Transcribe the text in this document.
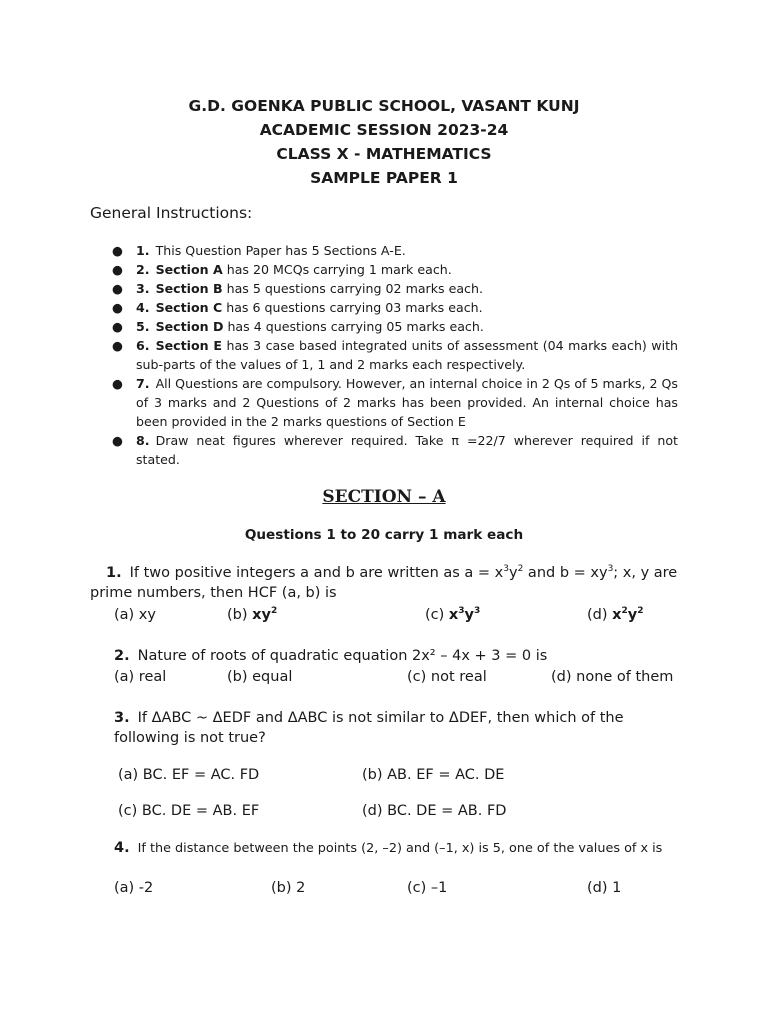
G.D. GOENKA PUBLIC SCHOOL, VASANT KUNJ
ACADEMIC SESSION 2023-24
CLASS X - MATHEMATICS
SAMPLE PAPER 1
General Instructions:
● 1. This Question Paper has 5 Sections A-E.
● 2. Section A has 20 MCQs carrying 1 mark each.
● 3. Section B has 5 questions carrying 02 marks each.
● 4. Section C has 6 questions carrying 03 marks each.
● 5. Section D has 4 questions carrying 05 marks each.
● 6. Section E has 3 case based integrated units of assessment (04 marks each) with sub-parts of the values of 1, 1 and 2 marks each respectively.
● 7. All Questions are compulsory. However, an internal choice in 2 Qs of 5 marks, 2 Qs of 3 marks and 2 Questions of 2 marks has been provided. An internal choice has been provided in the 2 marks questions of Section E
● 8. Draw neat figures wherever required. Take π =22/7 wherever required if not stated.
SECTION – A
Questions 1 to 20 carry 1 mark each
1. If two positive integers a and b are written as $a = x^3y^2$ and $b = xy^3$; x, y are prime numbers, then HCF (a, b) is
(a) xy	(b) $xy^2$	(c) $x^3y^3$	(d) $x^2y^2$
2. Nature of roots of quadratic equation 2x² – 4x + 3 = 0 is
(a) real	(b) equal	(c) not real	(d) none of them
3. If ΔABC ~ ΔEDF and ΔABC is not similar to ΔDEF, then which of the following is not true?
(a) BC. EF = AC. FD	(b) AB. EF = AC. DE
(c) BC. DE = AB. EF	(d) BC. DE = AB. FD
4. If the distance between the points (2, –2) and (–1, x) is 5, one of the values of x is
(a) -2	(b) 2	(c) –1	(d) 1
